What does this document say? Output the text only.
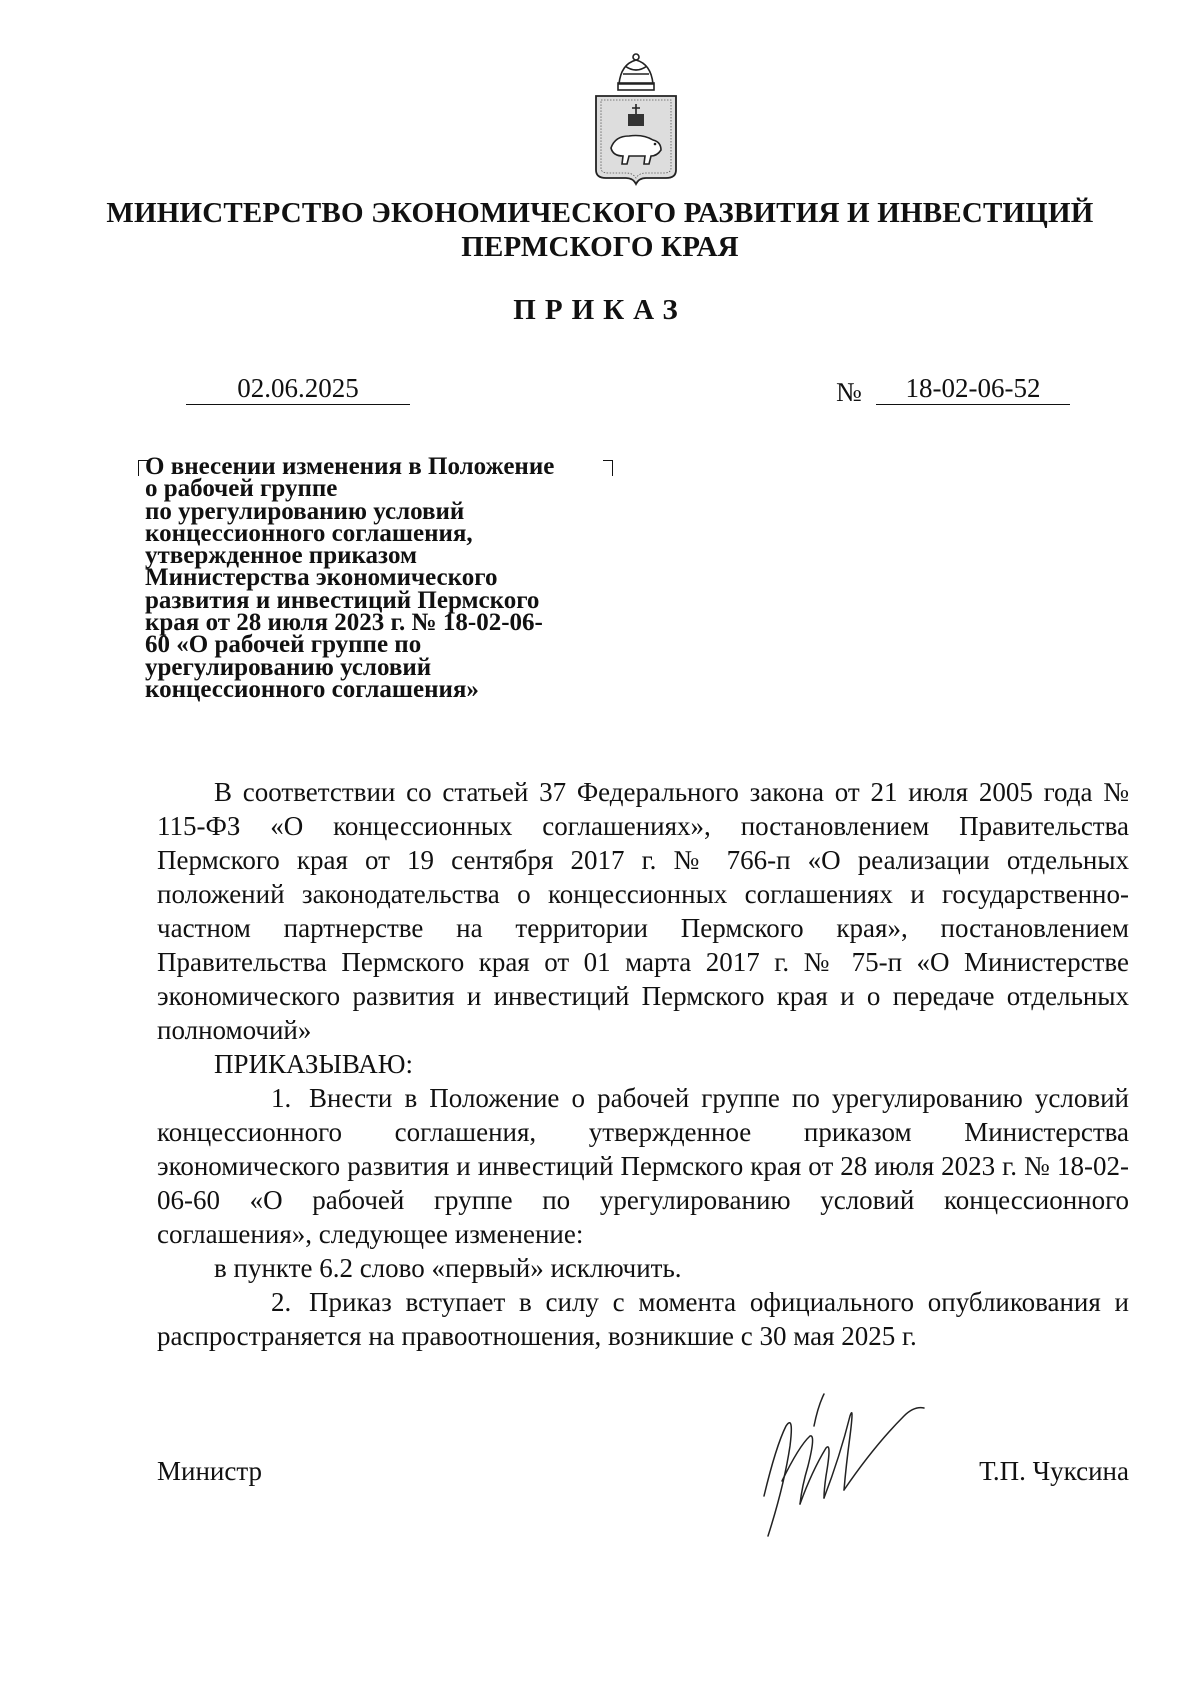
МИНИСТЕРСТВО ЭКОНОМИЧЕСКОГО РАЗВИТИЯ И ИНВЕСТИЦИЙ
ПЕРМСКОГО КРАЯ
ПРИКАЗ
02.06.2025	№	18-02-06-52
О внесении изменения в Положение
о рабочей группе
по урегулированию условий
концессионного соглашения,
утвержденное приказом
Министерства экономического
развития и инвестиций Пермского
края от 28 июля 2023 г. № 18-02-06-
60 «О рабочей группе по
урегулированию условий
концессионного соглашения»

В соответствии со статьей 37 Федерального закона от 21 июля 2005 года № 115-ФЗ «О концессионных соглашениях», постановлением Правительства Пермского края от 19 сентября 2017 г. № 766-п «О реализации отдельных положений законодательства о концессионных соглашениях и государственно-частном партнерстве на территории Пермского края», постановлением Правительства Пермского края от 01 марта 2017 г. № 75-п «О Министерстве экономического развития и инвестиций Пермского края и о передаче отдельных полномочий»

ПРИКАЗЫВАЮ:

1. Внести в Положение о рабочей группе по урегулированию условий концессионного соглашения, утвержденное приказом Министерства экономического развития и инвестиций Пермского края от 28 июля 2023 г. № 18-02-06-60 «О рабочей группе по урегулированию условий концессионного соглашения», следующее изменение:

в пункте 6.2 слово «первый» исключить.

2. Приказ вступает в силу с момента официального опубликования и распространяется на правоотношения, возникшие с 30 мая 2025 г.

Министр	Т.П. Чуксина
